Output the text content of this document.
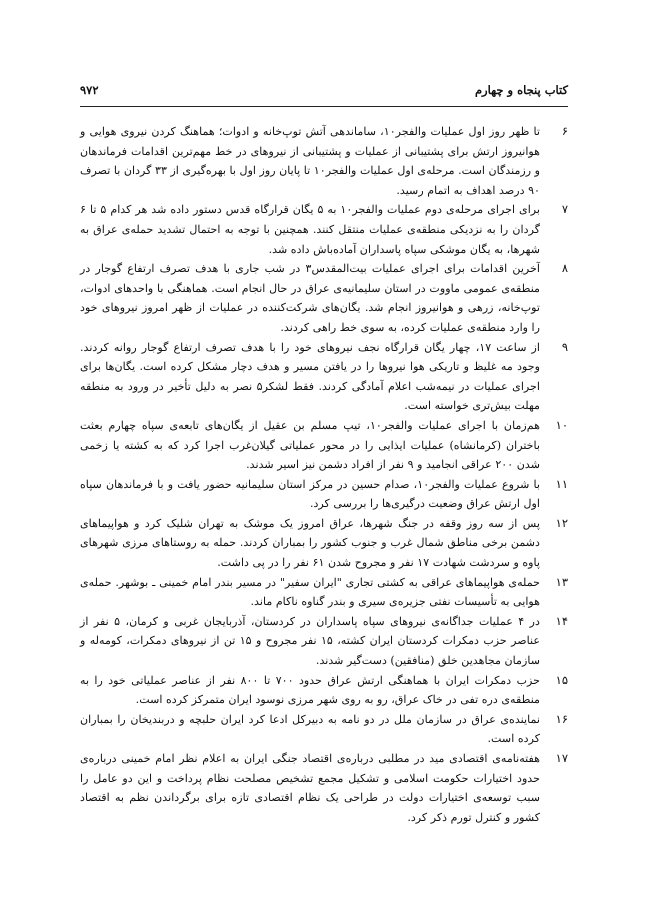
کتاب پنجاه و چهارم
۹۷۲
۶
تا ظهر روز اول عملیات والفجر۱۰، ساماندهی آتش توپ‌خانه و ادوات؛ هماهنگ کردن نیروی هوایی و هوانیروز ارتش برای پشتیبانی از عملیات و پشتیبانی از نیروهای در خط مهم‌ترین اقدامات فرماندهان و رزمندگان است. مرحله‌ی اول عملیات والفجر۱۰ تا پایان روز اول با بهره‌گیری از ۳۳ گردان با تصرف ۹۰ درصد اهداف به اتمام رسید.
۷
برای اجرای مرحله‌ی دوم عملیات والفجر۱۰ به ۵ یگان قرارگاه قدس دستور داده شد هر کدام ۵ تا ۶ گردان را به نزدیکی منطقه‌ی عملیات منتقل کنند. همچنین با توجه به احتمال تشدید حمله‌ی عراق به شهرها، به یگان موشکی سپاه پاسداران آماده‌باش داده شد.
۸
آخرین اقدامات برای اجرای عملیات بیت‌المقدس۳ در شب جاری با هدف تصرف ارتفاع گوجار در منطقه‌ی عمومی ماووت در استان سلیمانیه‌ی عراق در حال انجام است. هماهنگی با واحدهای ادوات، توپ‌خانه، زرهی و هوانیروز انجام شد. یگان‌های شرکت‌کننده در عملیات از ظهر امروز نیروهای خود را وارد منطقه‌ی عملیات کرده، به سوی خط راهی کردند.
۹
از ساعت ۱۷، چهار یگان قرارگاه نجف نیروهای خود را با هدف تصرف ارتفاع گوجار روانه کردند. وجود مه غلیظ و تاریکی هوا نیروها را در یافتن مسیر و هدف دچار مشکل کرده است. یگان‌ها برای اجرای عملیات در نیمه‌شب اعلام آمادگی کردند. فقط لشکر۵ نصر به دلیل تأخیر در ورود به منطقه مهلت بیش‌تری خواسته است.
۱۰
هم‌زمان با اجرای عملیات والفجر۱۰، تیپ مسلم بن عقیل از یگان‌های تابعه‌ی سپاه چهارم بعثت باختران (کرمانشاه) عملیات ایذایی را در محور عملیاتی گیلان‌غرب اجرا کرد که به کشته یا زخمی شدن ۲۰۰ عراقی انجامید و ۹ نفر از افراد دشمن نیز اسیر شدند.
۱۱
با شروع عملیات والفجر۱۰، صدام حسین در مرکز استان سلیمانیه حضور یافت و با فرماندهان سپاه اول ارتش عراق وضعیت درگیری‌ها را بررسی کرد.
۱۲
پس از سه روز وقفه در جنگ شهرها، عراق امروز یک موشک به تهران شلیک کرد و هواپیماهای دشمن برخی مناطق شمال غرب و جنوب کشور را بمباران کردند. حمله به روستاهای مرزی شهرهای پاوه و سردشت شهادت ۱۷ نفر و مجروح شدن ۶۱ نفر را در پی داشت.
۱۳
حمله‌ی هواپیماهای عراقی به کشتی تجاری "ایران سفیر" در مسیر بندر امام خمینی ـ بوشهر. حمله‌ی هوایی به تأسیسات نفتی جزیره‌ی سیری و بندر گناوه ناکام ماند.
۱۴
در ۴ عملیات جداگانه‌ی نیروهای سپاه پاسداران در کردستان، آذربایجان غربی و کرمان، ۵ نفر از عناصر حزب دمکرات کردستان ایران کشته، ۱۵ نفر مجروح و ۱۵ تن از نیروهای دمکرات، کومه‌له و سازمان مجاهدین خلق (منافقین) دست‌گیر شدند.
۱۵
حزب دمکرات ایران با هماهنگی ارتش عراق حدود ۷۰۰ تا ۸۰۰ نفر از عناصر عملیاتی خود را به منطقه‌ی دره تفی در خاک عراق، رو به روی شهر مرزی نوسود ایران متمرکز کرده است.
۱۶
نماینده‌ی عراق در سازمان ملل در دو نامه به دبیرکل ادعا کرد ایران حلبچه و دربندیخان را بمباران کرده است.
۱۷
هفته‌نامه‌ی اقتصادی مید در مطلبی درباره‌ی اقتصاد جنگی ایران به اعلام نظر امام خمینی درباره‌ی حدود اختیارات حکومت اسلامی و تشکیل مجمع تشخیص مصلحت نظام پرداخت و این دو عامل را سبب توسعه‌ی اختیارات دولت در طراحی یک نظام اقتصادی تازه برای برگرداندن نظم به اقتصاد کشور و کنترل تورم ذکر کرد.
